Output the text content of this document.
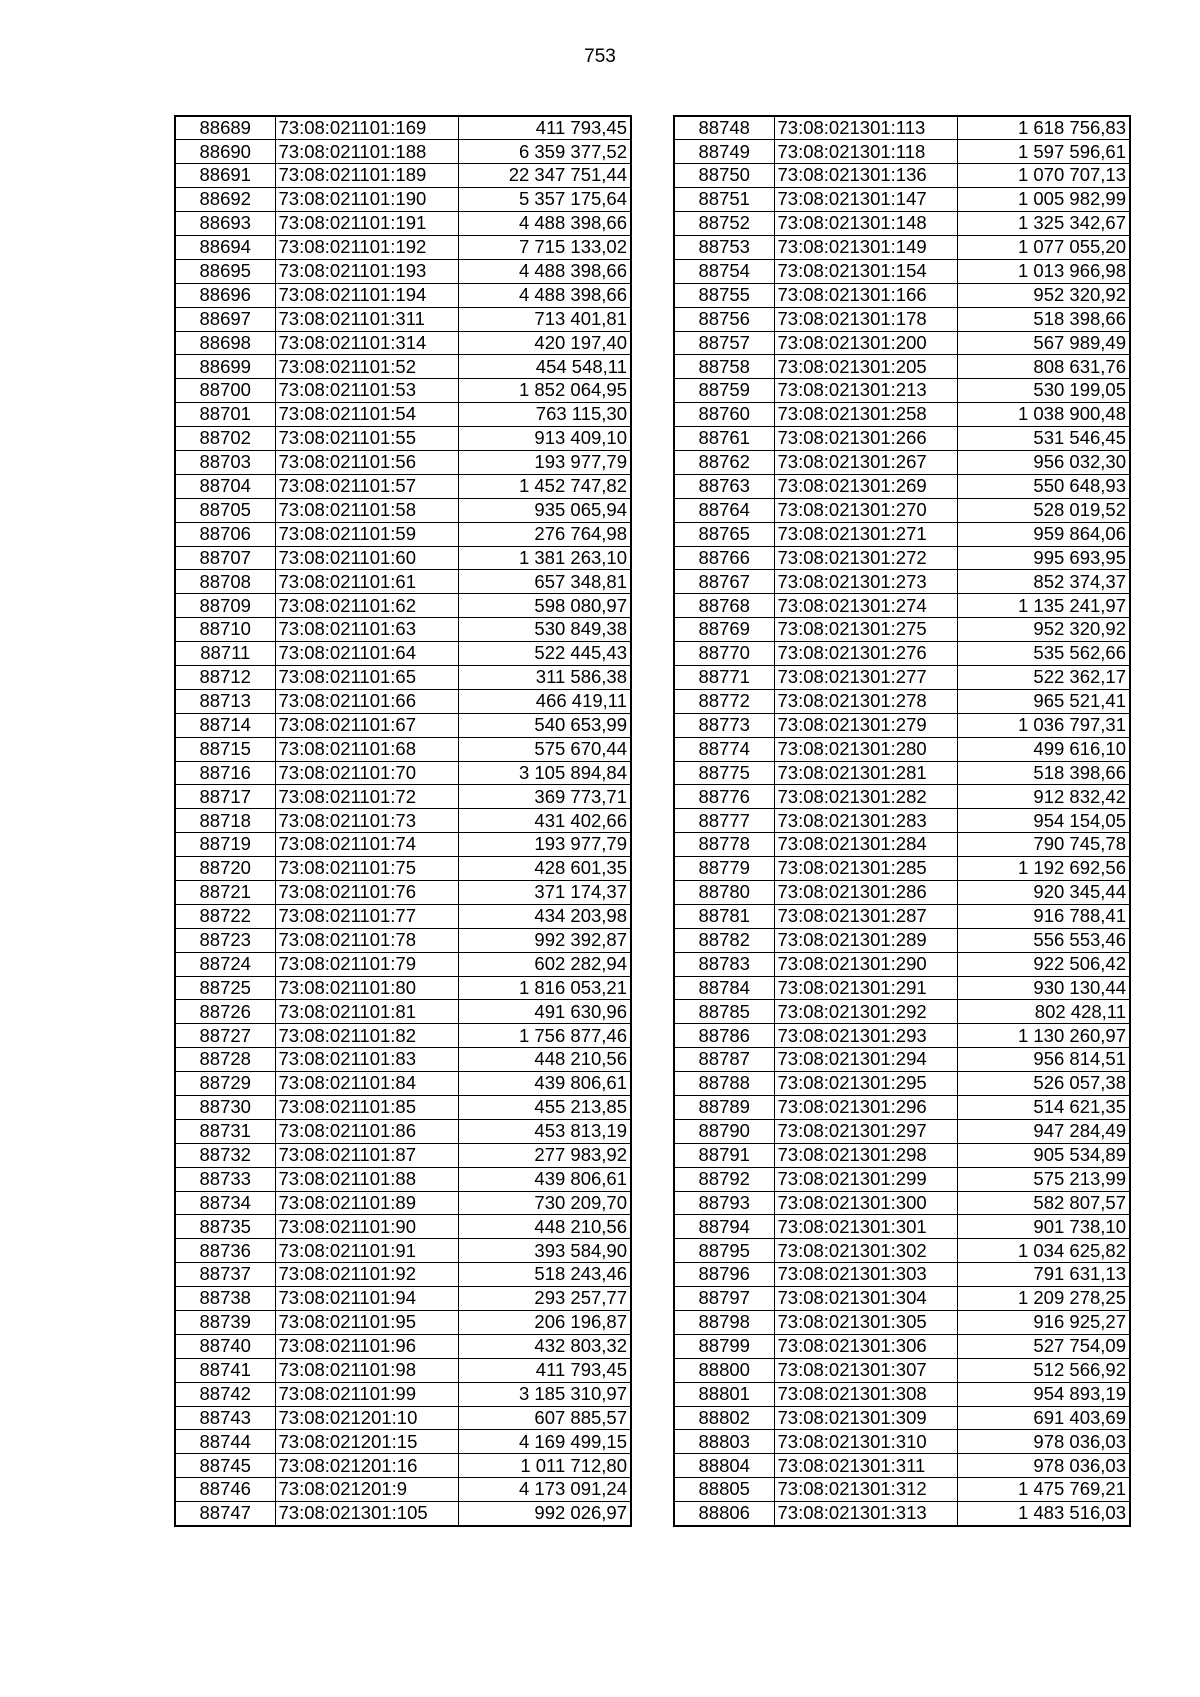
753
88689	73:08:021101:169	411 793,45
88690	73:08:021101:188	6 359 377,52
88691	73:08:021101:189	22 347 751,44
88692	73:08:021101:190	5 357 175,64
88693	73:08:021101:191	4 488 398,66
88694	73:08:021101:192	7 715 133,02
88695	73:08:021101:193	4 488 398,66
88696	73:08:021101:194	4 488 398,66
88697	73:08:021101:311	713 401,81
88698	73:08:021101:314	420 197,40
88699	73:08:021101:52	454 548,11
88700	73:08:021101:53	1 852 064,95
88701	73:08:021101:54	763 115,30
88702	73:08:021101:55	913 409,10
88703	73:08:021101:56	193 977,79
88704	73:08:021101:57	1 452 747,82
88705	73:08:021101:58	935 065,94
88706	73:08:021101:59	276 764,98
88707	73:08:021101:60	1 381 263,10
88708	73:08:021101:61	657 348,81
88709	73:08:021101:62	598 080,97
88710	73:08:021101:63	530 849,38
88711	73:08:021101:64	522 445,43
88712	73:08:021101:65	311 586,38
88713	73:08:021101:66	466 419,11
88714	73:08:021101:67	540 653,99
88715	73:08:021101:68	575 670,44
88716	73:08:021101:70	3 105 894,84
88717	73:08:021101:72	369 773,71
88718	73:08:021101:73	431 402,66
88719	73:08:021101:74	193 977,79
88720	73:08:021101:75	428 601,35
88721	73:08:021101:76	371 174,37
88722	73:08:021101:77	434 203,98
88723	73:08:021101:78	992 392,87
88724	73:08:021101:79	602 282,94
88725	73:08:021101:80	1 816 053,21
88726	73:08:021101:81	491 630,96
88727	73:08:021101:82	1 756 877,46
88728	73:08:021101:83	448 210,56
88729	73:08:021101:84	439 806,61
88730	73:08:021101:85	455 213,85
88731	73:08:021101:86	453 813,19
88732	73:08:021101:87	277 983,92
88733	73:08:021101:88	439 806,61
88734	73:08:021101:89	730 209,70
88735	73:08:021101:90	448 210,56
88736	73:08:021101:91	393 584,90
88737	73:08:021101:92	518 243,46
88738	73:08:021101:94	293 257,77
88739	73:08:021101:95	206 196,87
88740	73:08:021101:96	432 803,32
88741	73:08:021101:98	411 793,45
88742	73:08:021101:99	3 185 310,97
88743	73:08:021201:10	607 885,57
88744	73:08:021201:15	4 169 499,15
88745	73:08:021201:16	1 011 712,80
88746	73:08:021201:9	4 173 091,24
88747	73:08:021301:105	992 026,97
88748	73:08:021301:113	1 618 756,83
88749	73:08:021301:118	1 597 596,61
88750	73:08:021301:136	1 070 707,13
88751	73:08:021301:147	1 005 982,99
88752	73:08:021301:148	1 325 342,67
88753	73:08:021301:149	1 077 055,20
88754	73:08:021301:154	1 013 966,98
88755	73:08:021301:166	952 320,92
88756	73:08:021301:178	518 398,66
88757	73:08:021301:200	567 989,49
88758	73:08:021301:205	808 631,76
88759	73:08:021301:213	530 199,05
88760	73:08:021301:258	1 038 900,48
88761	73:08:021301:266	531 546,45
88762	73:08:021301:267	956 032,30
88763	73:08:021301:269	550 648,93
88764	73:08:021301:270	528 019,52
88765	73:08:021301:271	959 864,06
88766	73:08:021301:272	995 693,95
88767	73:08:021301:273	852 374,37
88768	73:08:021301:274	1 135 241,97
88769	73:08:021301:275	952 320,92
88770	73:08:021301:276	535 562,66
88771	73:08:021301:277	522 362,17
88772	73:08:021301:278	965 521,41
88773	73:08:021301:279	1 036 797,31
88774	73:08:021301:280	499 616,10
88775	73:08:021301:281	518 398,66
88776	73:08:021301:282	912 832,42
88777	73:08:021301:283	954 154,05
88778	73:08:021301:284	790 745,78
88779	73:08:021301:285	1 192 692,56
88780	73:08:021301:286	920 345,44
88781	73:08:021301:287	916 788,41
88782	73:08:021301:289	556 553,46
88783	73:08:021301:290	922 506,42
88784	73:08:021301:291	930 130,44
88785	73:08:021301:292	802 428,11
88786	73:08:021301:293	1 130 260,97
88787	73:08:021301:294	956 814,51
88788	73:08:021301:295	526 057,38
88789	73:08:021301:296	514 621,35
88790	73:08:021301:297	947 284,49
88791	73:08:021301:298	905 534,89
88792	73:08:021301:299	575 213,99
88793	73:08:021301:300	582 807,57
88794	73:08:021301:301	901 738,10
88795	73:08:021301:302	1 034 625,82
88796	73:08:021301:303	791 631,13
88797	73:08:021301:304	1 209 278,25
88798	73:08:021301:305	916 925,27
88799	73:08:021301:306	527 754,09
88800	73:08:021301:307	512 566,92
88801	73:08:021301:308	954 893,19
88802	73:08:021301:309	691 403,69
88803	73:08:021301:310	978 036,03
88804	73:08:021301:311	978 036,03
88805	73:08:021301:312	1 475 769,21
88806	73:08:021301:313	1 483 516,03
